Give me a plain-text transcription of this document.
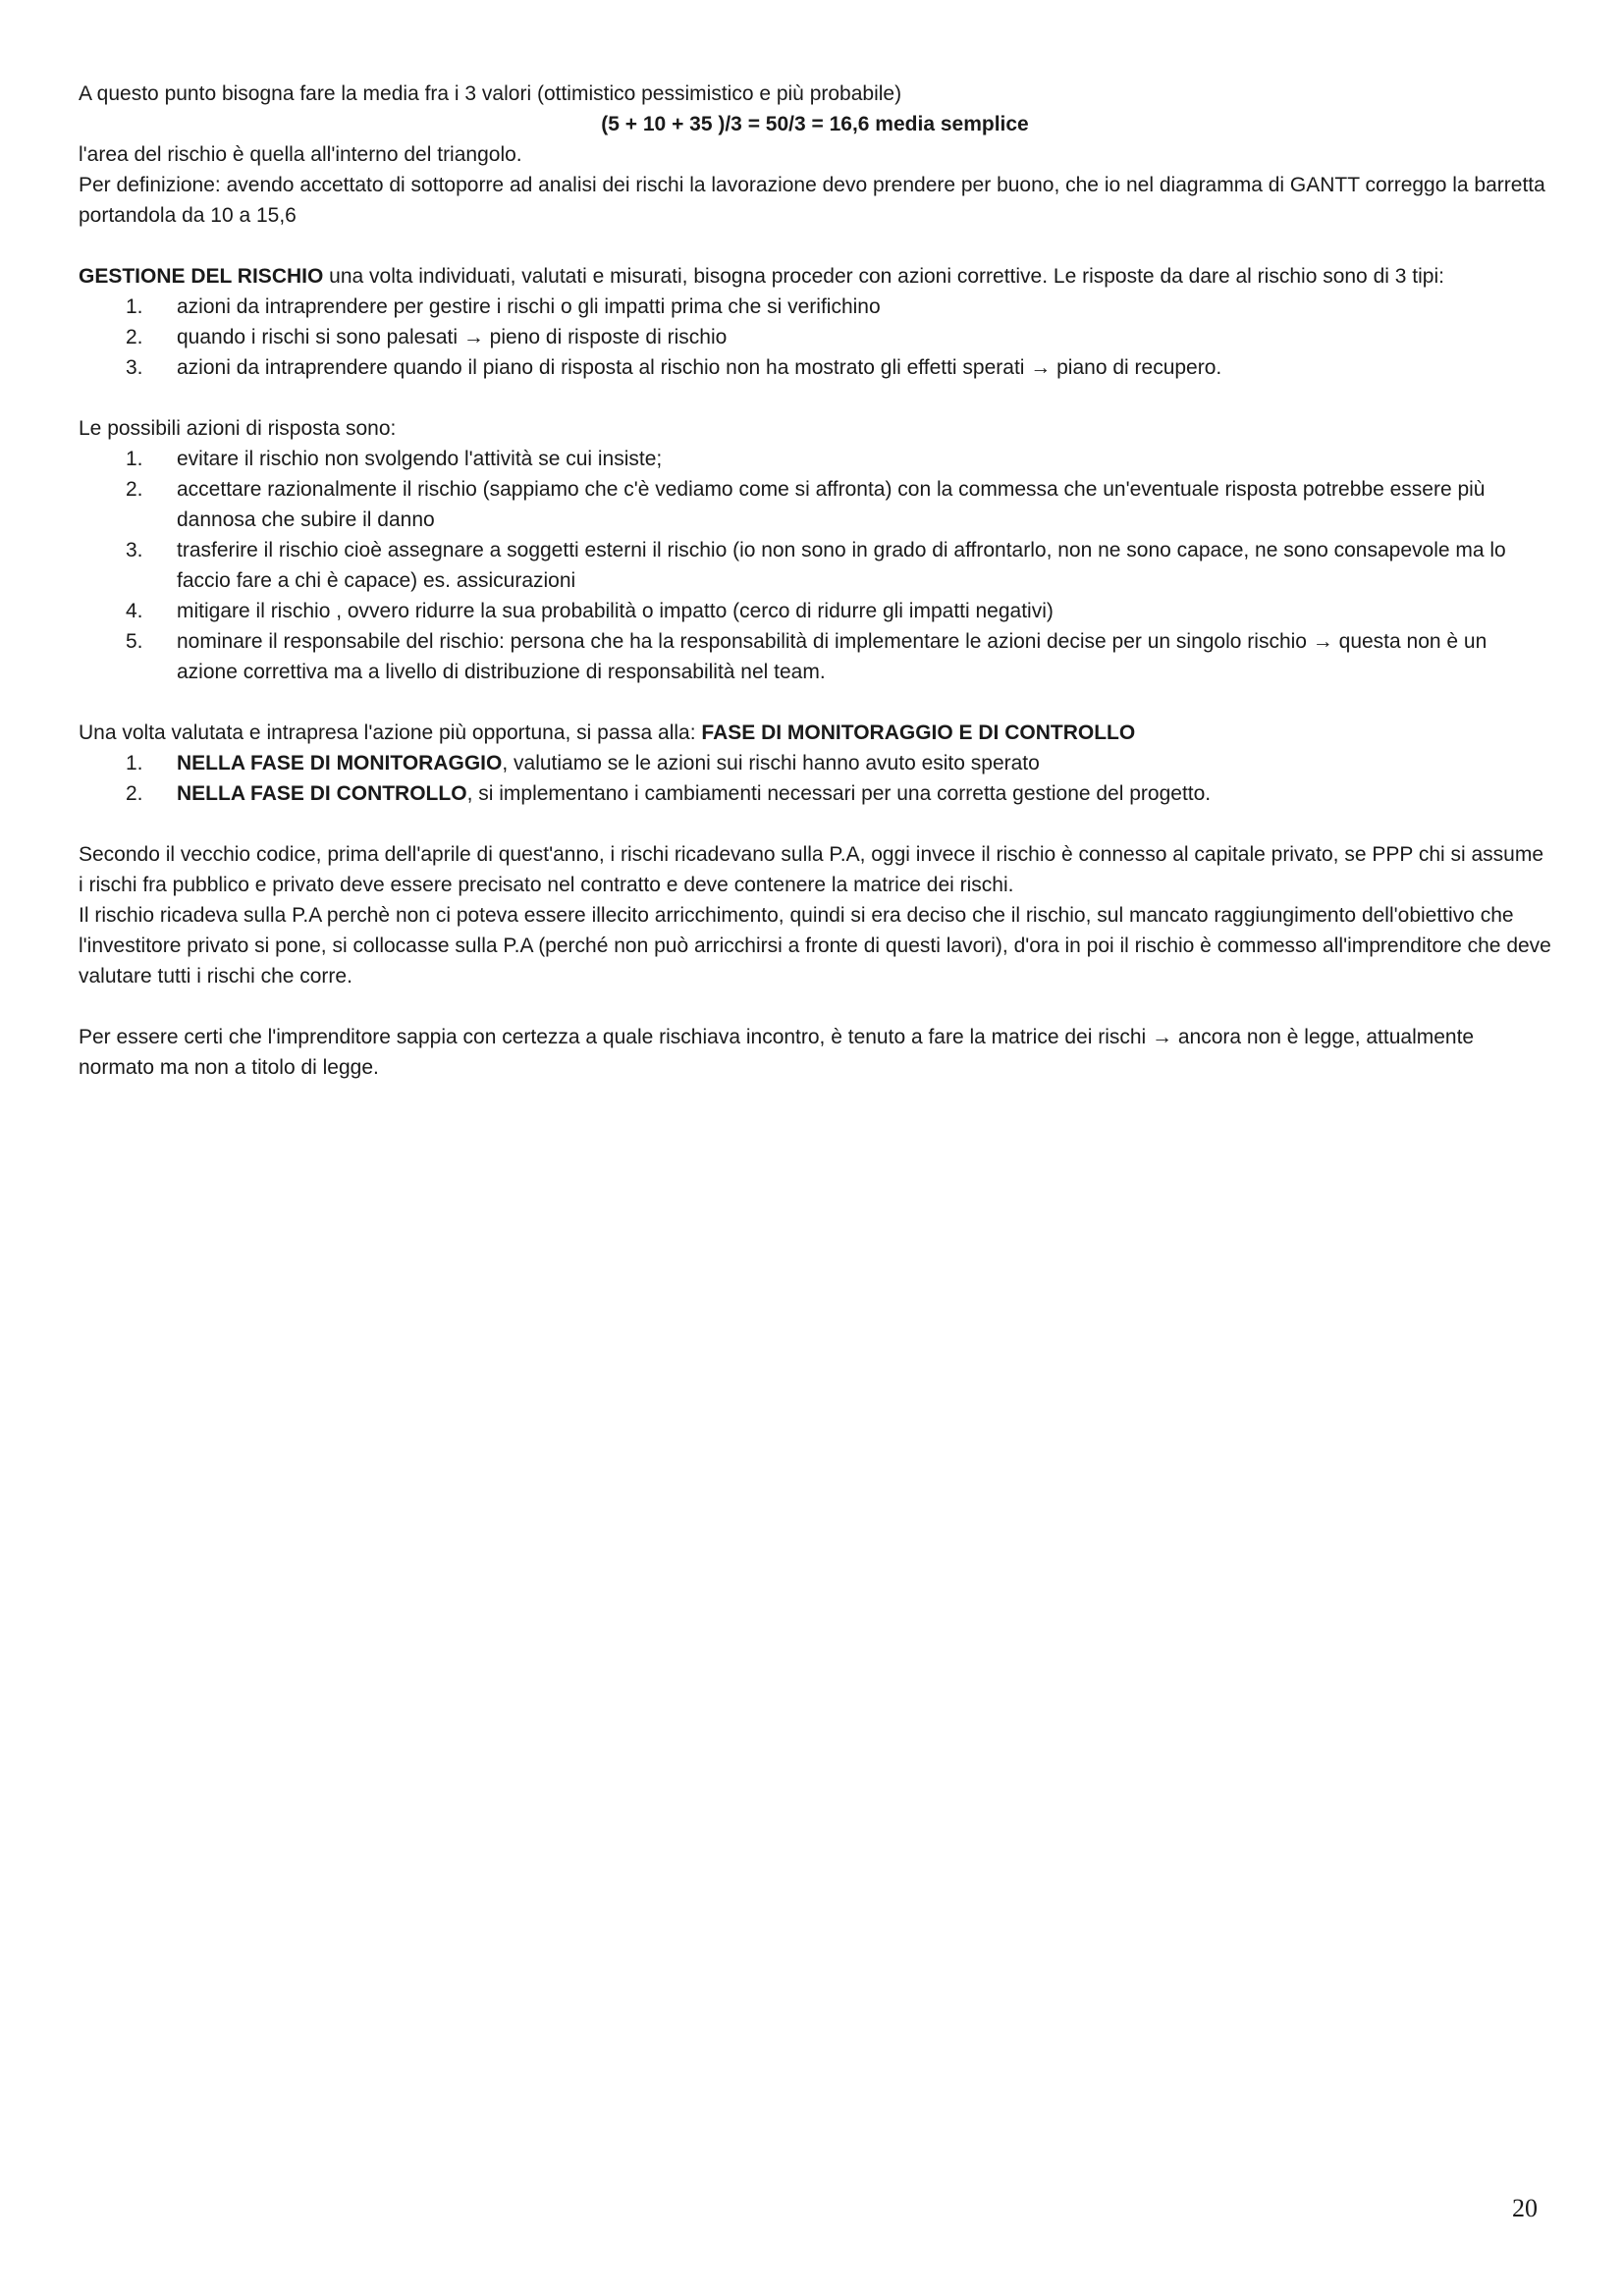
A questo punto bisogna fare la media fra i 3 valori (ottimistico pessimistico e più probabile)

(5 + 10 + 35 )/3 = 50/3 = 16,6 media semplice

l'area del rischio è quella all'interno del triangolo.

Per definizione: avendo accettato di sottoporre ad analisi dei rischi la lavorazione devo prendere per buono, che io nel diagramma di GANTT correggo la barretta portandola da 10 a 15,6

GESTIONE DEL RISCHIO una volta individuati, valutati e misurati, bisogna proceder con azioni correttive. Le risposte da dare al rischio sono di 3 tipi:

1. azioni da intraprendere per gestire i rischi o gli impatti prima che si verifichino
2. quando i rischi si sono palesati → pieno di risposte di rischio
3. azioni da intraprendere quando il piano di risposta al rischio non ha mostrato gli effetti sperati → piano di recupero.

Le possibili azioni di risposta sono:

1. evitare il rischio non svolgendo l'attività se cui insiste;
2. accettare razionalmente il rischio (sappiamo che c'è vediamo come si affronta) con la commessa che un'eventuale risposta potrebbe essere più dannosa che subire il danno
3. trasferire il rischio cioè assegnare a soggetti esterni il rischio (io non sono in grado di affrontarlo, non ne sono capace, ne sono consapevole ma lo faccio fare a chi è capace) es. assicurazioni
4. mitigare il rischio , ovvero ridurre la sua probabilità o impatto (cerco di ridurre gli impatti negativi)
5. nominare il responsabile del rischio: persona che ha la responsabilità di implementare le azioni decise per un singolo rischio → questa non è un azione correttiva ma a livello di distribuzione di responsabilità nel team.

Una volta valutata e intrapresa l'azione più opportuna, si passa alla: FASE DI MONITORAGGIO E DI CONTROLLO

1. NELLA FASE DI MONITORAGGIO, valutiamo se le azioni sui rischi hanno avuto esito sperato
2. NELLA FASE DI CONTROLLO, si implementano i cambiamenti necessari per una corretta gestione del progetto.

Secondo il vecchio codice, prima dell'aprile di quest'anno, i rischi ricadevano sulla P.A, oggi invece il rischio è connesso al capitale privato, se PPP chi si assume i rischi fra pubblico e privato deve essere precisato nel contratto e deve contenere la matrice dei rischi.

Il rischio ricadeva sulla P.A perchè non ci poteva essere illecito arricchimento, quindi si era deciso che il rischio, sul mancato raggiungimento dell'obiettivo che l'investitore privato si pone, si collocasse sulla P.A (perché non può arricchirsi a fronte di questi lavori), d'ora in poi il rischio è commesso all'imprenditore che deve valutare tutti i rischi che corre.

Per essere certi che l'imprenditore sappia con certezza a quale rischiava incontro, è tenuto a fare la matrice dei rischi → ancora non è legge, attualmente normato ma non a titolo di legge.

20
